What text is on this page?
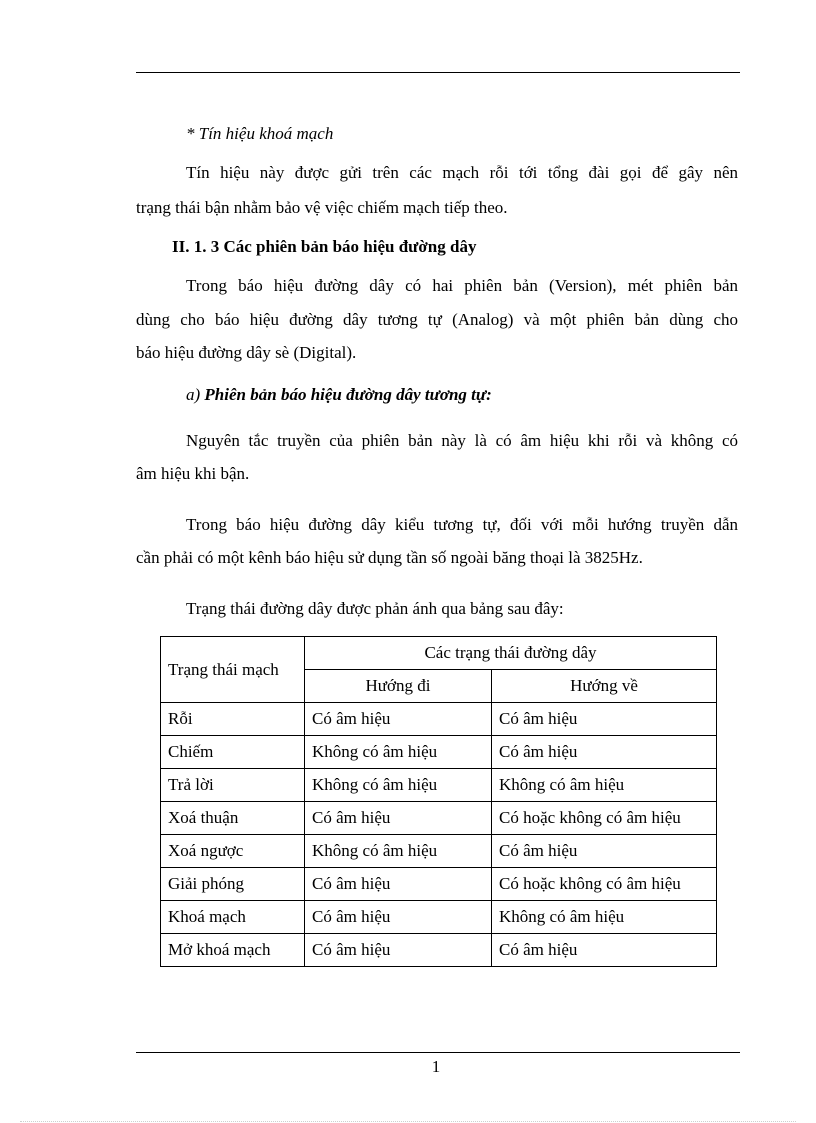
* Tín hiệu khoá mạch
Tín hiệu này được gửi trên các mạch rỗi tới tổng đài gọi để gây nên
trạng thái bận nhằm bảo vệ việc chiếm mạch tiếp theo.
II. 1. 3 Các phiên bản báo hiệu đường dây
Trong báo hiệu đường dây có hai phiên bản (Version), mét phiên bản
dùng cho báo hiệu đường dây tương tự (Analog) và một phiên bản dùng cho
báo hiệu đường dây sè (Digital).
a) Phiên bản báo hiệu đường dây tương tự:
Nguyên tắc truyền của phiên bản này là có âm hiệu khi rỗi và không có
âm hiệu khi bận.
Trong báo hiệu đường dây kiểu tương tự, đối với mỗi hướng truyền dẫn
cần phải có một kênh báo hiệu sử dụng tần số ngoài băng thoại là 3825Hz.
Trạng thái đường dây được phản ánh qua bảng sau đây:
Trạng thái mạch	Các trạng thái đường dây	
	Hướng đi	Hướng về
Rỗi	Có âm hiệu	Có âm hiệu
Chiếm	Không có âm hiệu	Có âm hiệu
Trả lời	Không có âm hiệu	Không có âm hiệu
Xoá thuận	Có âm hiệu	Có hoặc không có âm hiệu
Xoá ngược	Không có âm hiệu	Có âm hiệu
Giải phóng	Có âm hiệu	Có hoặc không có âm hiệu
Khoá mạch	Có âm hiệu	Không có âm hiệu
Mở khoá mạch	Có âm hiệu	Có âm hiệu
1
